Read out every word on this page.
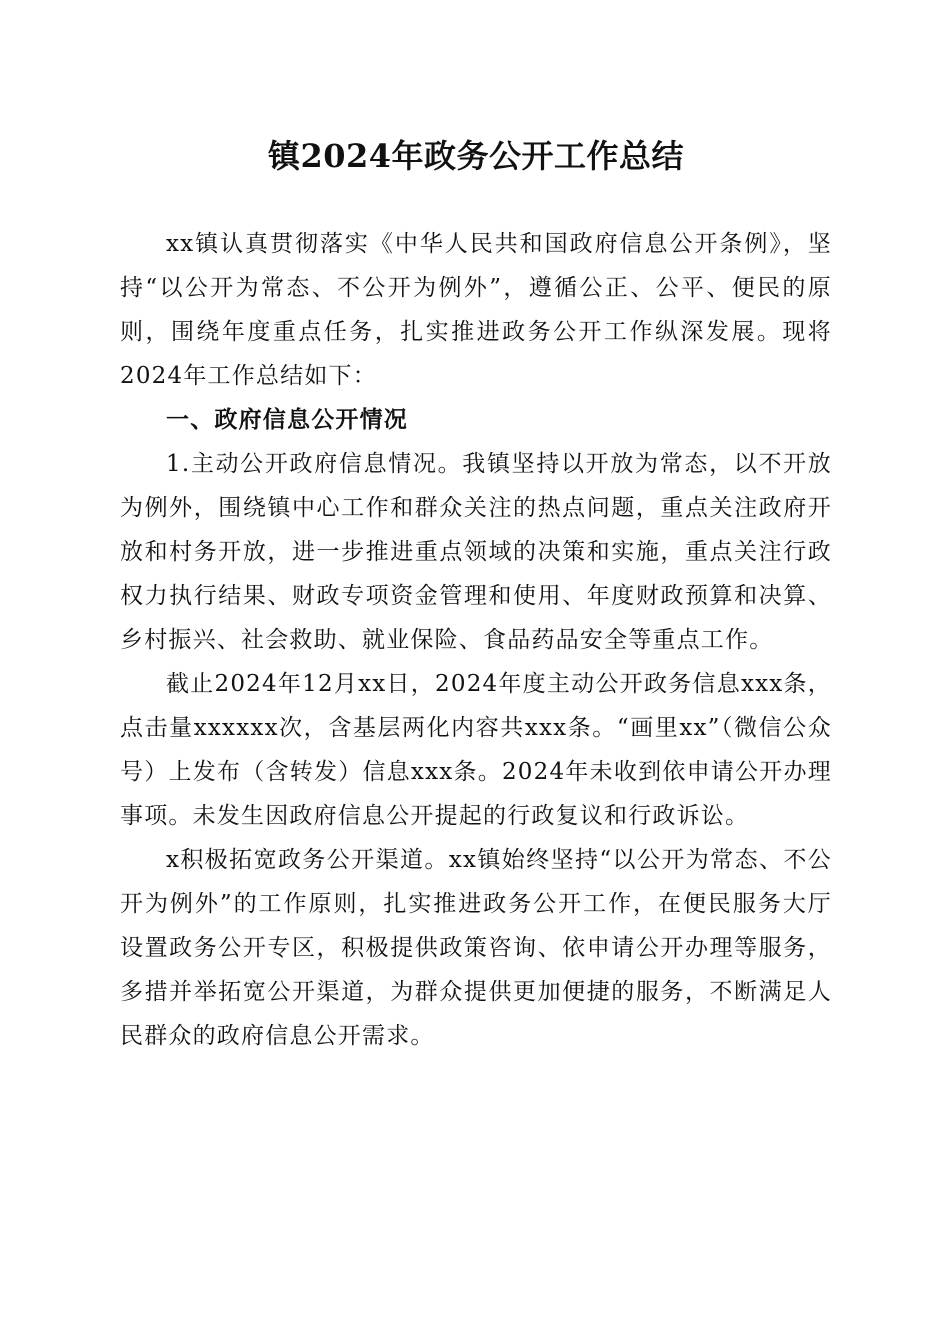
镇2024年政务公开工作总结

xx镇认真贯彻落实《中华人民共和国政府信息公开条例》，坚持“以公开为常态、不公开为例外”，遵循公正、公平、便民的原则，围绕年度重点任务，扎实推进政务公开工作纵深发展。现将2024年工作总结如下：

一、政府信息公开情况

1.主动公开政府信息情况。我镇坚持以开放为常态，以不开放为例外，围绕镇中心工作和群众关注的热点问题，重点关注政府开放和村务开放，进一步推进重点领域的决策和实施，重点关注行政权力执行结果、财政专项资金管理和使用、年度财政预算和决算、乡村振兴、社会救助、就业保险、食品药品安全等重点工作。

截止2024年12月xx日，2024年度主动公开政务信息xxx条，点击量xxxxxx次，含基层两化内容共xxx条。“画里xx”（微信公众号）上发布（含转发）信息xxx条。2024年未收到依申请公开办理事项。未发生因政府信息公开提起的行政复议和行政诉讼。

x积极拓宽政务公开渠道。xx镇始终坚持“以公开为常态、不公开为例外”的工作原则，扎实推进政务公开工作，在便民服务大厅设置政务公开专区，积极提供政策咨询、依申请公开办理等服务，多措并举拓宽公开渠道，为群众提供更加便捷的服务，不断满足人民群众的政府信息公开需求。
